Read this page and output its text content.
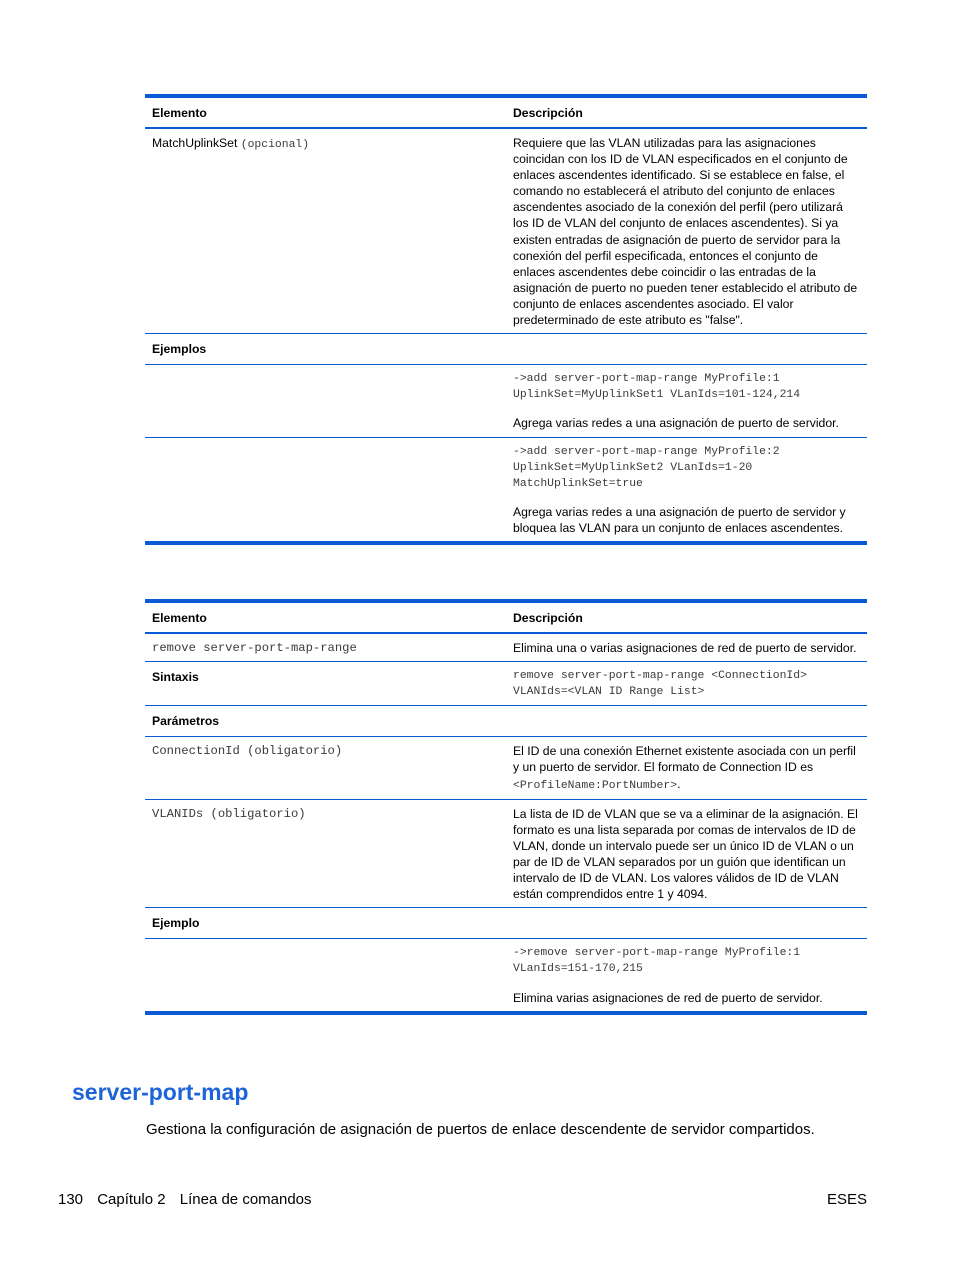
Elemento	Descripción
MatchUplinkSet (opcional)	Requiere que las VLAN utilizadas para las asignaciones coincidan con los ID de VLAN especificados en el conjunto de enlaces ascendentes identificado. Si se establece en false, el comando no establecerá el atributo del conjunto de enlaces ascendentes asociado de la conexión del perfil (pero utilizará los ID de VLAN del conjunto de enlaces ascendentes). Si ya existen entradas de asignación de puerto de servidor para la conexión del perfil especificada, entonces el conjunto de enlaces ascendentes debe coincidir o las entradas de la asignación de puerto no pueden tener establecido el atributo de conjunto de enlaces ascendentes asociado. El valor predeterminado de este atributo es "false".
Ejemplos	

	->add server-port-map-range MyProfile:1
UplinkSet=MyUplinkSet1 VLanIds=101-124,214
Agrega varias redes a una asignación de puerto de servidor.

	->add server-port-map-range MyProfile:2
UplinkSet=MyUplinkSet2 VLanIds=1-20
MatchUplinkSet=true
Agrega varias redes a una asignación de puerto de servidor y bloquea las VLAN para un conjunto de enlaces ascendentes.
Elemento	Descripción
remove server-port-map-range	Elimina una o varias asignaciones de red de puerto de servidor.
Sintaxis	remove server-port-map-range <ConnectionId>
VLANIds=<VLAN ID Range List>

Parámetros	
ConnectionId (obligatorio)	El ID de una conexión Ethernet existente asociada con un perfil y un puerto de servidor. El formato de Connection ID es <ProfileName:PortNumber>.
VLANIDs (obligatorio)	La lista de ID de VLAN que se va a eliminar de la asignación. El formato es una lista separada por comas de intervalos de ID de VLAN, donde un intervalo puede ser un único ID de VLAN o un par de ID de VLAN separados por un guión que identifican un intervalo de ID de VLAN. Los valores válidos de ID de VLAN están comprendidos entre 1 y 4094.
Ejemplo	

	->remove server-port-map-range MyProfile:1
VLanIds=151-170,215
Elimina varias asignaciones de red de puerto de servidor.
server-port-map

Gestiona la configuración de asignación de puertos de enlace descendente de servidor compartidos.

130 Capítulo 2 Línea de comandos	ESES
